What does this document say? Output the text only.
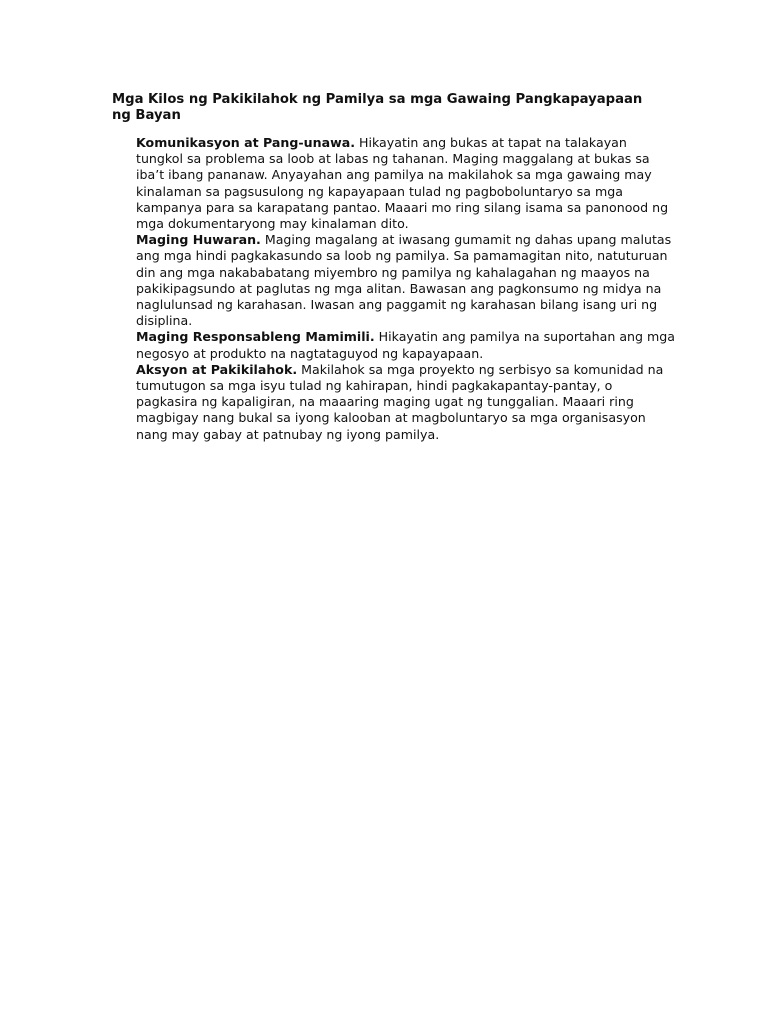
Mga Kilos ng Pakikilahok ng Pamilya sa mga Gawaing Pangkapayapaan ng Bayan

Komunikasyon at Pang-unawa. Hikayatin ang bukas at tapat na talakayan tungkol sa problema sa loob at labas ng tahanan. Maging maggalang at bukas sa iba’t ibang pananaw. Anyayahan ang pamilya na makilahok sa mga gawaing may kinalaman sa pagsusulong ng kapayapaan tulad ng pagboboluntaryo sa mga kampanya para sa karapatang pantao. Maaari mo ring silang isama sa panonood ng mga dokumentaryong may kinalaman dito.

Maging Huwaran. Maging magalang at iwasang gumamit ng dahas upang malutas ang mga hindi pagkakasundo sa loob ng pamilya. Sa pamamagitan nito, natuturuan din ang mga nakababatang miyembro ng pamilya ng kahalagahan ng maayos na pakikipagsundo at paglutas ng mga alitan. Bawasan ang pagkonsumo ng midya na naglulunsad ng karahasan. Iwasan ang paggamit ng karahasan bilang isang uri ng disiplina.

Maging Responsableng Mamimili. Hikayatin ang pamilya na suportahan ang mga negosyo at produkto na nagtataguyod ng kapayapaan.

Aksyon at Pakikilahok. Makilahok sa mga proyekto ng serbisyo sa komunidad na tumutugon sa mga isyu tulad ng kahirapan, hindi pagkakapantay-pantay, o pagkasira ng kapaligiran, na maaaring maging ugat ng tunggalian. Maaari ring magbigay nang bukal sa iyong kalooban at magboluntaryo sa mga organisasyon nang may gabay at patnubay ng iyong pamilya.
